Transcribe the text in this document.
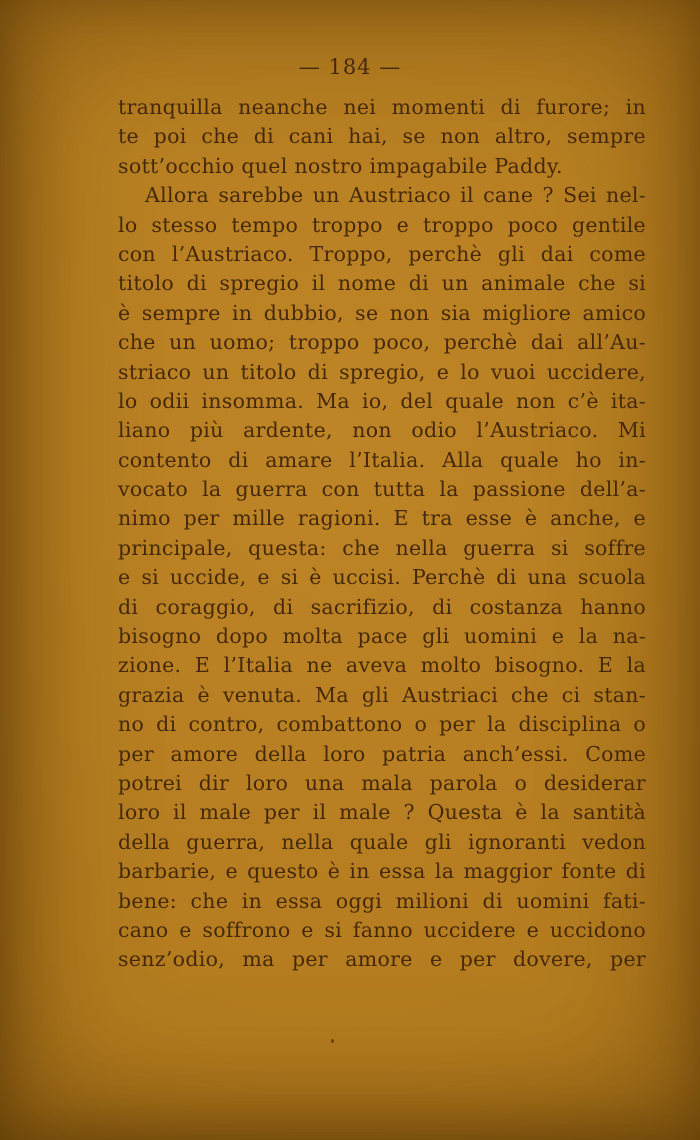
— 184 —
tranquilla neanche nei momenti di furore; in
te poi che di cani hai, se non altro, sempre
sott’occhio quel nostro impagabile Paddy.
Allora sarebbe un Austriaco il cane ? Sei nel-
lo stesso tempo troppo e troppo poco gentile
con l’Austriaco. Troppo, perchè gli dai come
titolo di spregio il nome di un animale che si
è sempre in dubbio, se non sia migliore amico
che un uomo; troppo poco, perchè dai all’Au-
striaco un titolo di spregio, e lo vuoi uccidere,
lo odii insomma. Ma io, del quale non c’è ita-
liano più ardente, non odio l’Austriaco. Mi
contento di amare l’Italia. Alla quale ho in-
vocato la guerra con tutta la passione dell’a-
nimo per mille ragioni. E tra esse è anche, e
principale, questa: che nella guerra si soffre
e si uccide, e si è uccisi. Perchè di una scuola
di coraggio, di sacrifizio, di costanza hanno
bisogno dopo molta pace gli uomini e la na-
zione. E l’Italia ne aveva molto bisogno. E la
grazia è venuta. Ma gli Austriaci che ci stan-
no di contro, combattono o per la disciplina o
per amore della loro patria anch’essi. Come
potrei dir loro una mala parola o desiderar
loro il male per il male ? Questa è la santità
della guerra, nella quale gli ignoranti vedon
barbarie, e questo è in essa la maggior fonte di
bene: che in essa oggi milioni di uomini fati-
cano e soffrono e si fanno uccidere e uccidono
senz’odio, ma per amore e per dovere, per
